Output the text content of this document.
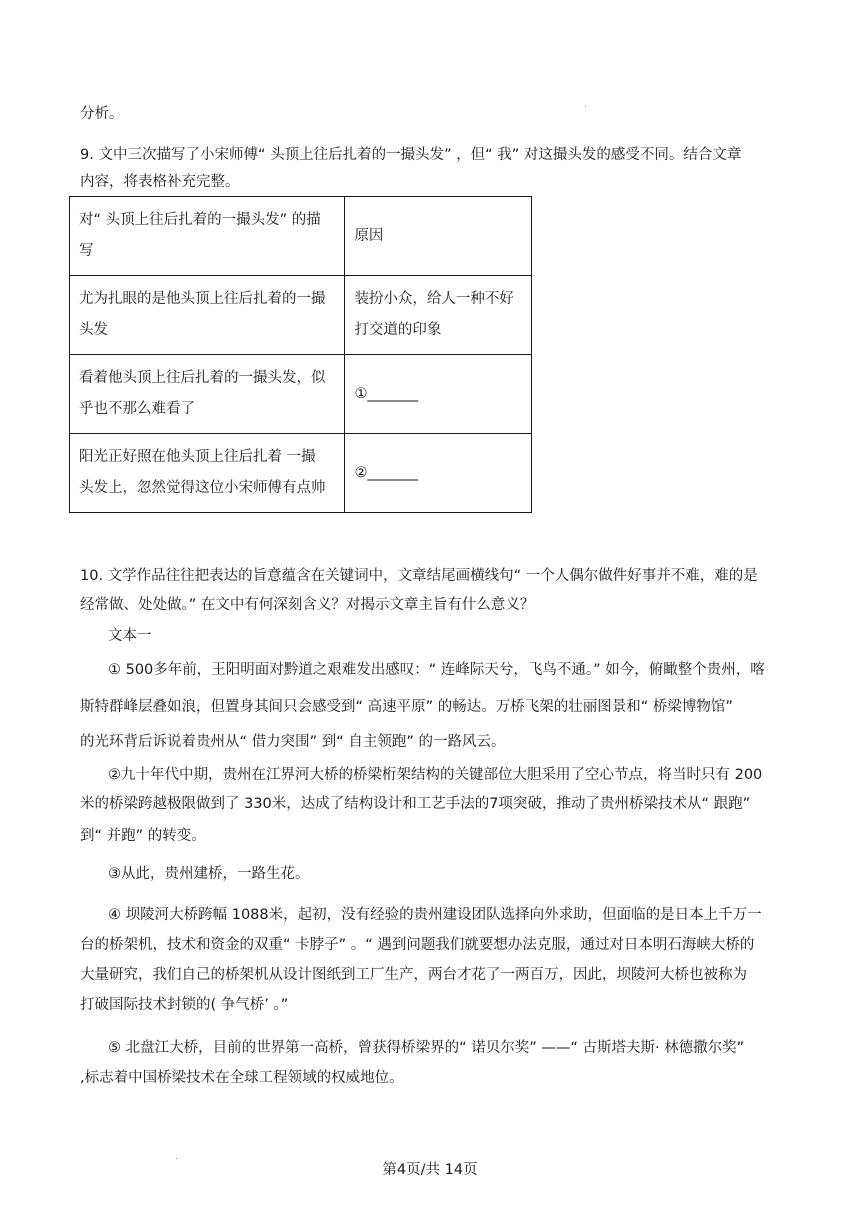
分析。
9. 文中三次描写了小宋师傅“ 头顶上往后扎着的一撮头发” ，但“ 我” 对这撮头发的感受不同。结合文章
内容，将表格补充完整。
对“ 头顶上往后扎着的一撮头发” 的描
写	原因

尤为扎眼的是他头顶上往后扎着的一撮
头发	装扮小众，给人一种不好
打交道的印象

看着他头顶上往后扎着的一撮头发，似
乎也不那么难看了	①_______

阳光正好照在他头顶上往后扎着 一撮
头发上，忽然觉得这位小宋师傅有点帅	②_______
10. 文学作品往往把表达的旨意蕴含在关键词中，文章结尾画横线句“ 一个人偶尔做件好事并不难，难的是
经常做、处处做。” 在文中有何深刻含义？对揭示文章主旨有什么意义？
文本一
① 500多年前，王阳明面对黔道之艰难发出感叹：“ 连峰际天兮，飞鸟不通。” 如今，俯瞰整个贵州，喀
斯特群峰层叠如浪，但置身其间只会感受到“ 高速平原” 的畅达。万桥飞架的壮丽图景和“ 桥梁博物馆”
的光环背后诉说着贵州从“ 借力突围” 到“ 自主领跑” 的一路风云。
②九十年代中期，贵州在江界河大桥的桥梁桁架结构的关键部位大胆采用了空心节点，将当时只有 200
米的桥梁跨越极限做到了 330米，达成了结构设计和工艺手法的7项突破，推动了贵州桥梁技术从“ 跟跑”
到“ 并跑” 的转变。
③从此，贵州建桥，一路生花。
④ 坝陵河大桥跨幅 1088米，起初，没有经验的贵州建设团队选择向外求助，但面临的是日本上千万一
台的桥架机，技术和资金的双重“ 卡脖子” 。“ 遇到问题我们就要想办法克服，通过对日本明石海峡大桥的
大量研究，我们自己的桥架机从设计图纸到工厂生产，两台才花了一两百万，因此，坝陵河大桥也被称为
打破国际技术封锁的( 争气桥’ 。”
⑤ 北盘江大桥，目前的世界第一高桥，曾获得桥梁界的“ 诺贝尔奖” ——“ 古斯塔夫斯· 林德撒尔奖”
,标志着中国桥梁技术在全球工程领域的权威地位。
第4页/共 14页
